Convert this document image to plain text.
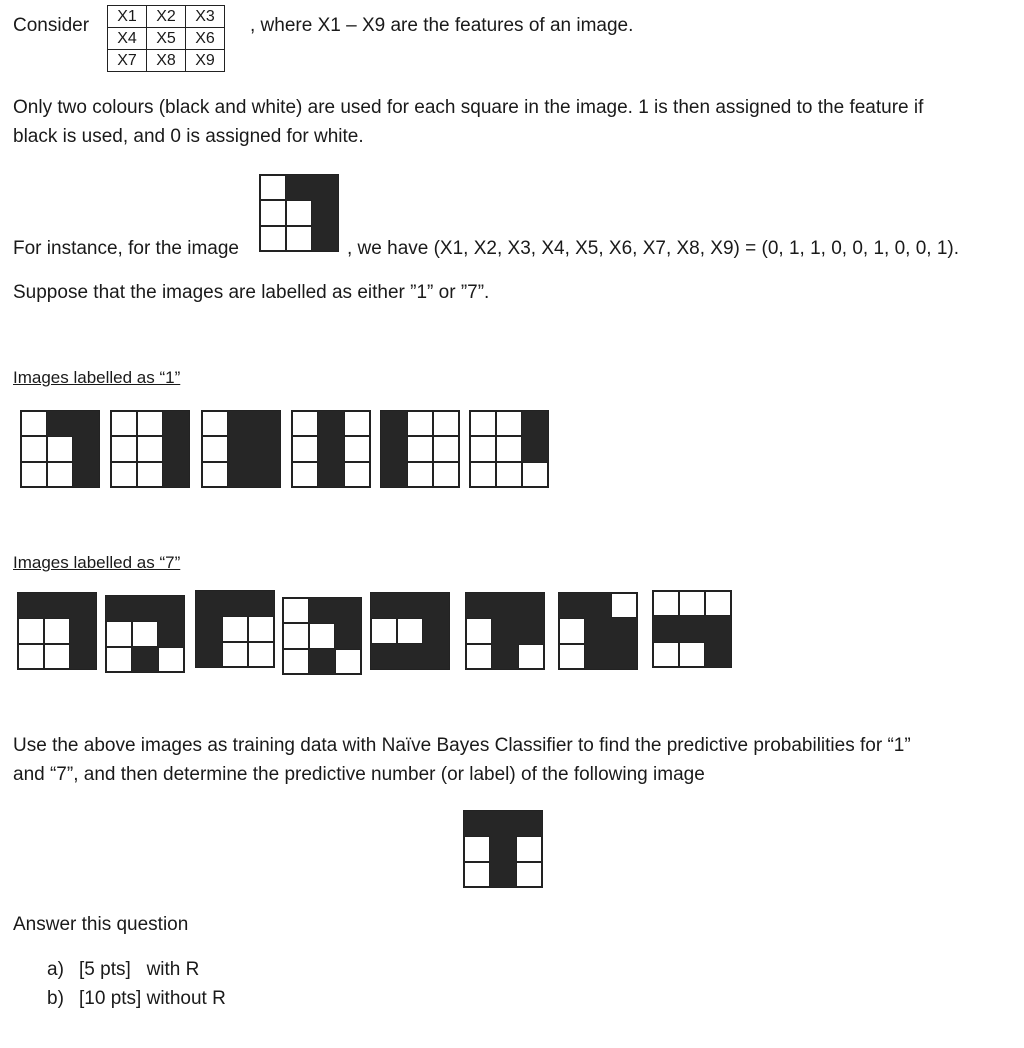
Consider X1	X2	X3
X4	X5	X6
X7	X8	X9
, where X1 – X9 are the features of an image.
Only two colours (black and white) are used for each square in the image. 1 is then assigned to the feature if
black is used, and 0 is assigned for white.
For instance, for the image	, we have (X1, X2, X3, X4, X5, X6, X7, X8, X9) = (0, 1, 1, 0, 0, 1, 0, 0, 1).
Suppose that the images are labelled as either ”1” or ”7”.
Images labelled as “1”
Images labelled as “7”
Use the above images as training data with Naïve Bayes Classifier to find the predictive probabilities for “1”
and “7”, and then determine the predictive number (or label) of the following image
Answer this question
a) [5 pts]   with R
b) [10 pts] without R
